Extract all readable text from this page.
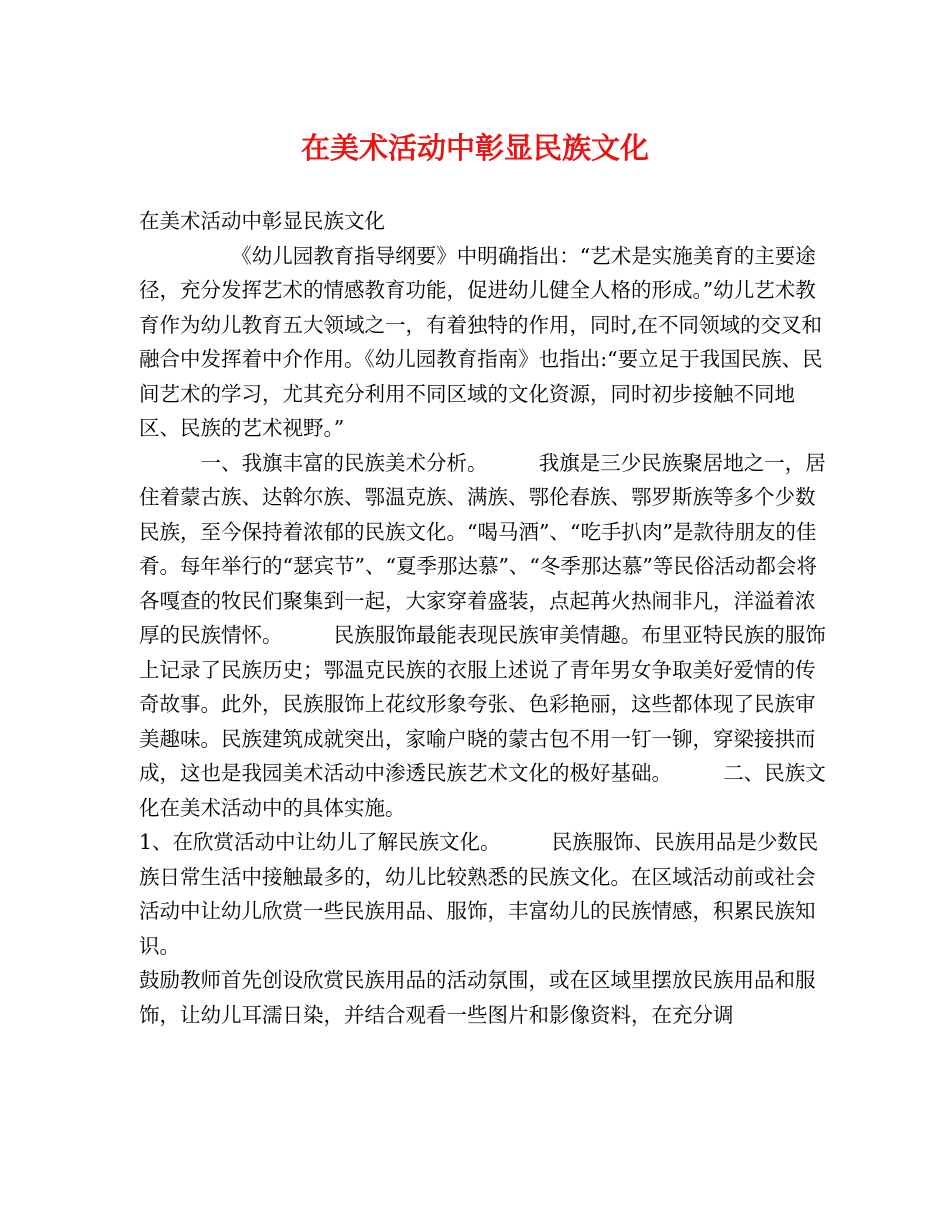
在美术活动中彰显民族文化

在美术活动中彰显民族文化

　　　　　《幼儿园教育指导纲要》中明确指出：“艺术是实施美育的主要途径，充分发挥艺术的情感教育功能，促进幼儿健全人格的形成。”幼儿艺术教育作为幼儿教育五大领域之一，有着独特的作用，同时,在不同领域的交叉和融合中发挥着中介作用。《幼儿园教育指南》也指出:“要立足于我国民族、民间艺术的学习，尤其充分利用不同区域的文化资源，同时初步接触不同地区、民族的艺术视野。”

　　　一、我旗丰富的民族美术分析。　　　我旗是三少民族聚居地之一，居住着蒙古族、达斡尔族、鄂温克族、满族、鄂伦春族、鄂罗斯族等多个少数民族，至今保持着浓郁的民族文化。“喝马酒”、“吃手扒肉”是款待朋友的佳肴。每年举行的“瑟宾节”、“夏季那达慕”、“冬季那达慕”等民俗活动都会将各嘎查的牧民们聚集到一起，大家穿着盛装，点起苒火热闹非凡，洋溢着浓厚的民族情怀。　　　民族服饰最能表现民族审美情趣。布里亚特民族的服饰上记录了民族历史；鄂温克民族的衣服上述说了青年男女争取美好爱情的传奇故事。此外，民族服饰上花纹形象夸张、色彩艳丽，这些都体现了民族审美趣味。民族建筑成就突出，家喻户晓的蒙古包不用一钉一铆，穿梁接拱而成，这也是我园美术活动中渗透民族艺术文化的极好基础。　　　二、民族文化在美术活动中的具体实施。

1、在欣赏活动中让幼儿了解民族文化。　　　民族服饰、民族用品是少数民族日常生活中接触最多的，幼儿比较熟悉的民族文化。在区域活动前或社会活动中让幼儿欣赏一些民族用品、服饰，丰富幼儿的民族情感，积累民族知识。

鼓励教师首先创设欣赏民族用品的活动氛围，或在区域里摆放民族用品和服饰，让幼儿耳濡日染，并结合观看一些图片和影像资料，在充分调
